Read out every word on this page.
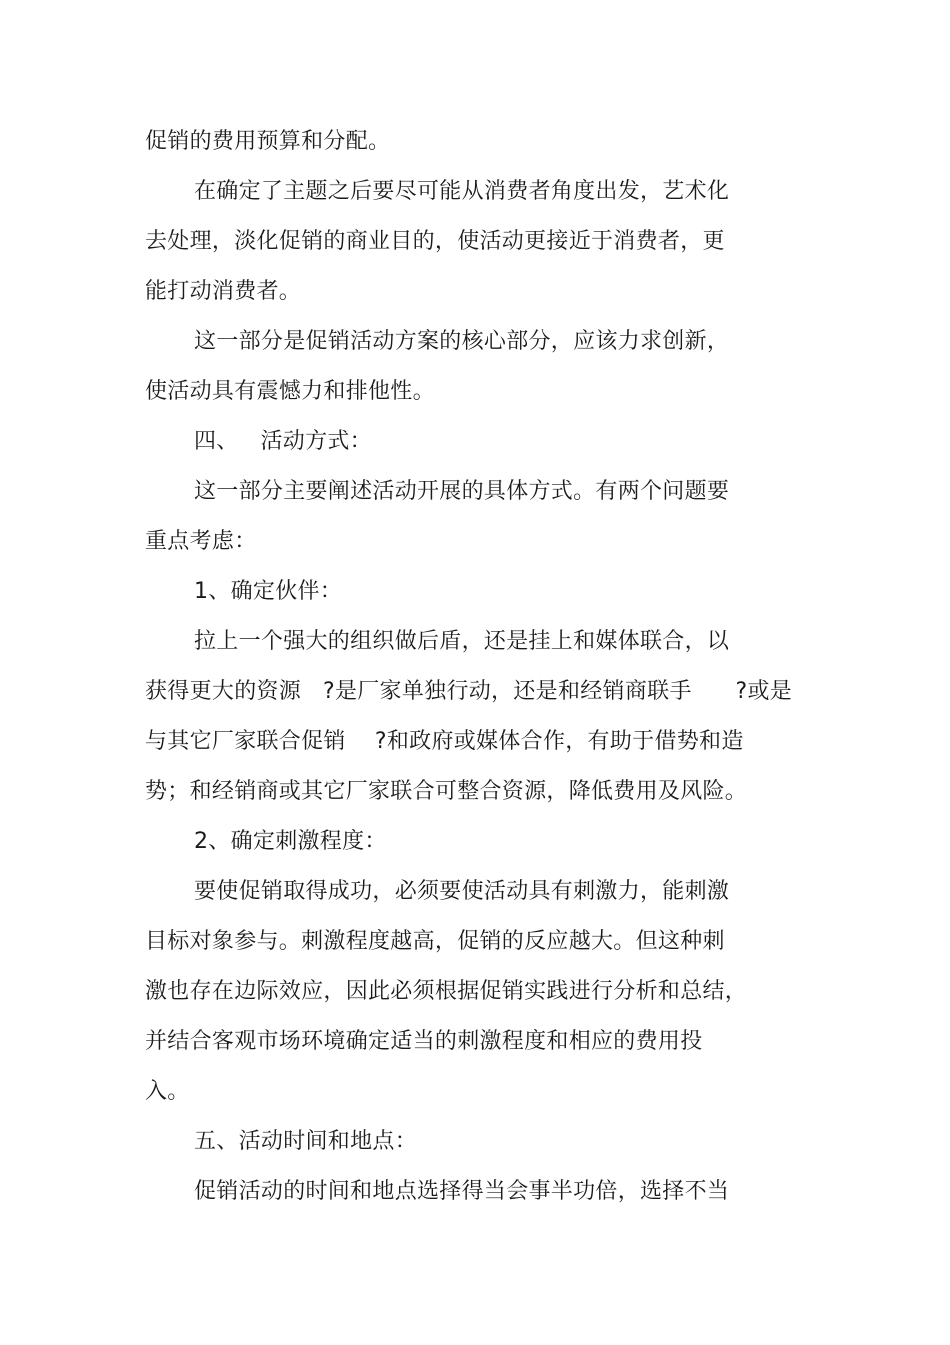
促销的费用预算和分配。
在确定了主题之后要尽可能从消费者角度出发，艺术化
去处理，淡化促销的商业目的，使活动更接近于消费者，更
能打动消费者。
这一部分是促销活动方案的核心部分，应该力求创新，
使活动具有震憾力和排他性。
四、   活动方式：
这一部分主要阐述活动开展的具体方式。有两个问题要
重点考虑：
1、确定伙伴：
拉上一个强大的组织做后盾，还是挂上和媒体联合，以
获得更大的资源   ?是厂家单独行动，还是和经销商联手      ?或是
与其它厂家联合促销    ?和政府或媒体合作，有助于借势和造
势；和经销商或其它厂家联合可整合资源，降低费用及风险。
2、确定刺激程度：
要使促销取得成功，必须要使活动具有刺激力，能刺激
目标对象参与。刺激程度越高，促销的反应越大。但这种刺
激也存在边际效应，因此必须根据促销实践进行分析和总结，
并结合客观市场环境确定适当的刺激程度和相应的费用投
入。
五、活动时间和地点：
促销活动的时间和地点选择得当会事半功倍，选择不当
